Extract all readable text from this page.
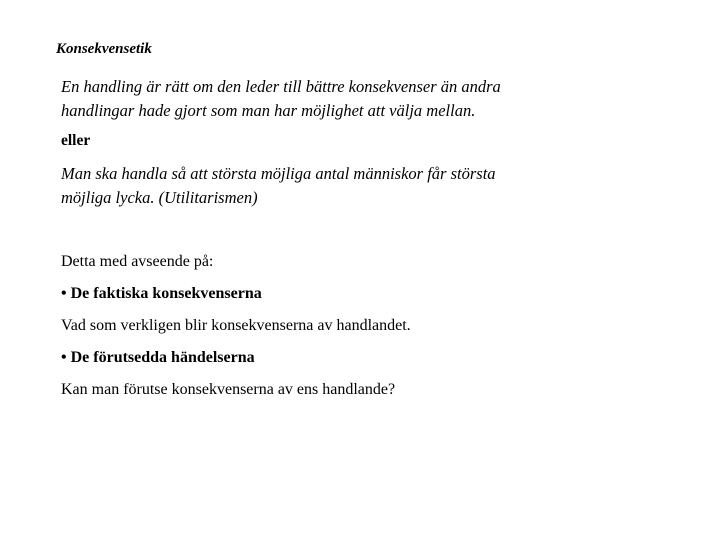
Konsekvensetik
En handling är rätt om den leder till bättre konsekvenser än andra
handlingar hade gjort som man har möjlighet att välja mellan.
eller
Man ska handla så att största möjliga antal människor får största
möjliga lycka. (Utilitarismen)
Detta med avseende på:
• De faktiska konsekvenserna
Vad som verkligen blir konsekvenserna av handlandet.
• De förutsedda händelserna
Kan man förutse konsekvenserna av ens handlande?
